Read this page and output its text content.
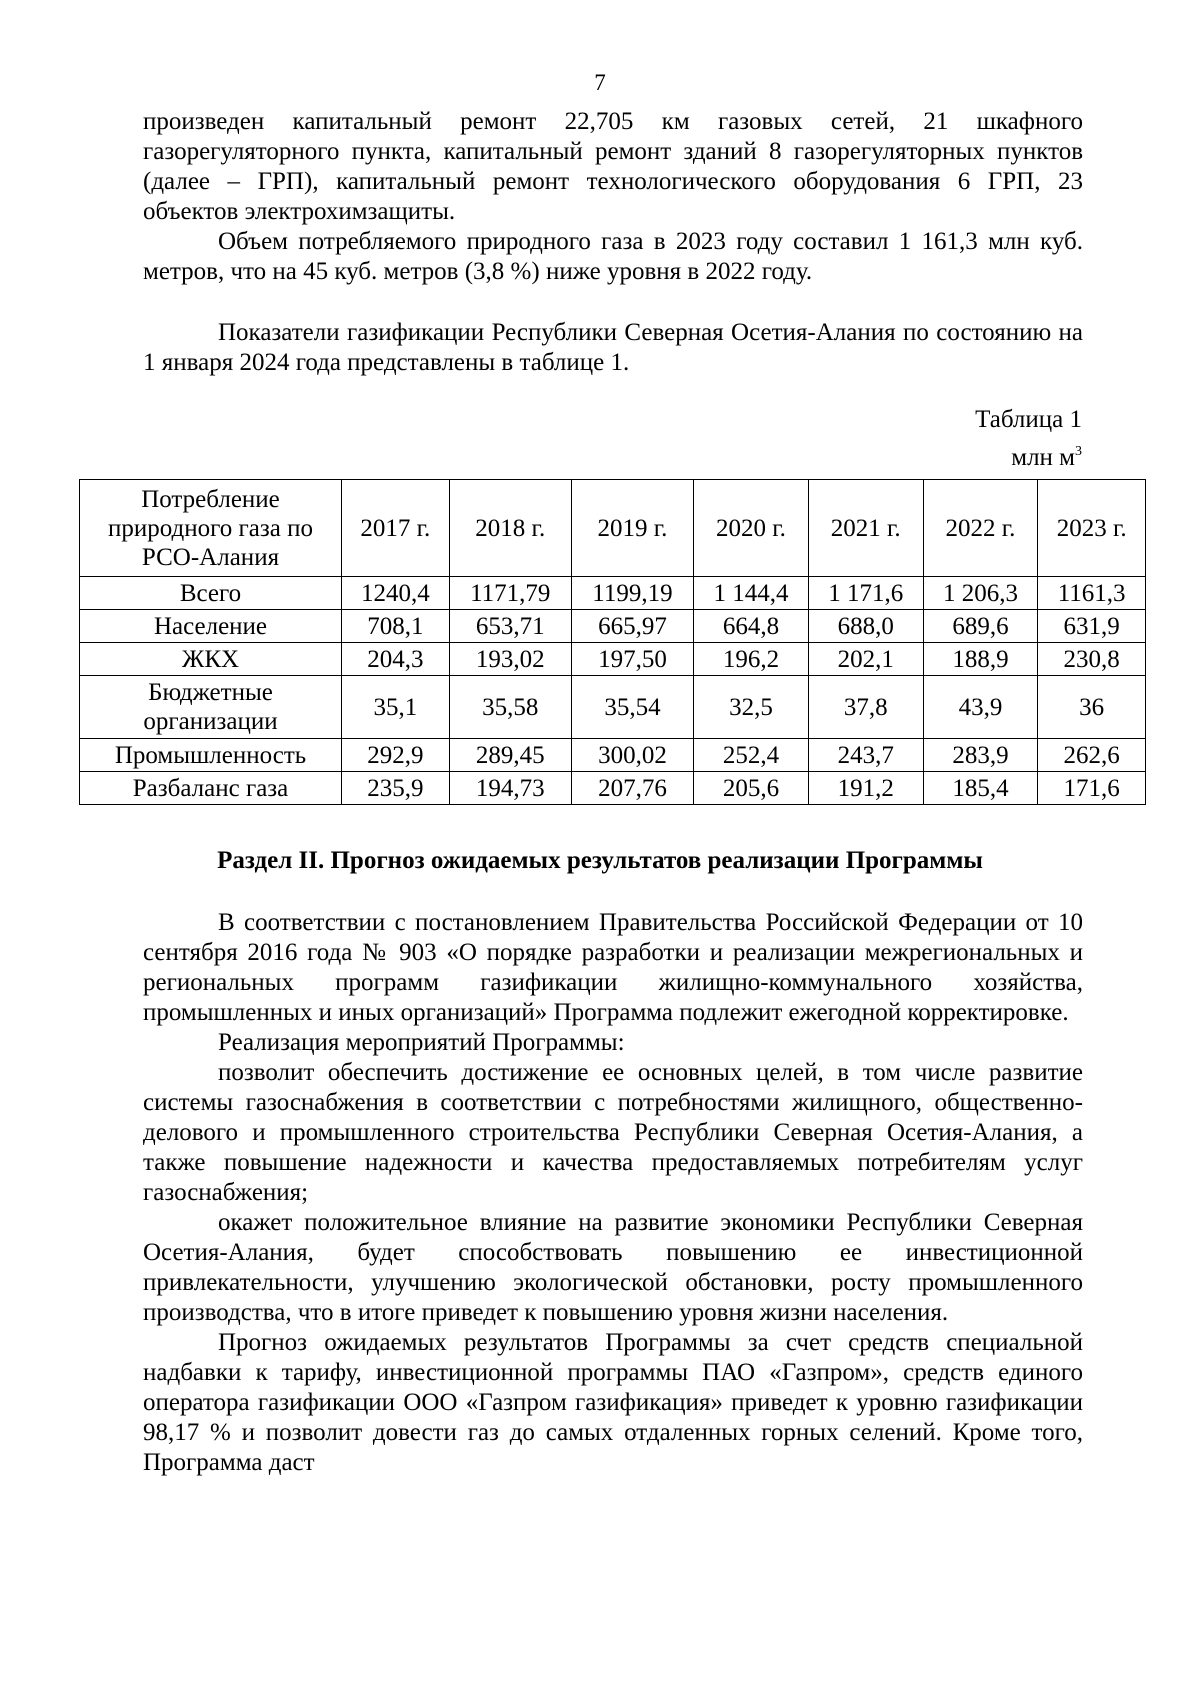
7

произведен капитальный ремонт 22,705 км газовых сетей, 21 шкафного газорегуляторного пункта, капитальный ремонт зданий 8 газорегуляторных пунктов (далее – ГРП), капитальный ремонт технологического оборудования 6 ГРП, 23 объектов электрохимзащиты.

Объем потребляемого природного газа в 2023 году составил 1 161,3 млн куб. метров, что на 45 куб. метров (3,8 %) ниже уровня в 2022 году.

Показатели газификации Республики Северная Осетия-Алания по состоянию на 1 января 2024 года представлены в таблице 1.

Таблица 1
млн $м^3$
Потребление природного газа по РСО-Алания	2017 г.	2018 г.	2019 г.	2020 г.	2021 г.	2022 г.	2023 г.
Всего	1240,4	1171,79	1199,19	1 144,4	1 171,6	1 206,3	1161,3
Население	708,1	653,71	665,97	664,8	688,0	689,6	631,9
ЖКХ	204,3	193,02	197,50	196,2	202,1	188,9	230,8
Бюджетные организации	35,1	35,58	35,54	32,5	37,8	43,9	36
Промышленность	292,9	289,45	300,02	252,4	243,7	283,9	262,6
Разбаланс газа	235,9	194,73	207,76	205,6	191,2	185,4	171,6
Раздел II. Прогноз ожидаемых результатов реализации Программы

В соответствии с постановлением Правительства Российской Федерации от 10 сентября 2016 года № 903 «О порядке разработки и реализации межрегиональных и региональных программ газификации жилищно-коммунального хозяйства, промышленных и иных организаций» Программа подлежит ежегодной корректировке.

Реализация мероприятий Программы:

позволит обеспечить достижение ее основных целей, в том числе развитие системы газоснабжения в соответствии с потребностями жилищного, общественно-делового и промышленного строительства Республики Северная Осетия-Алания, а также повышение надежности и качества предоставляемых потребителям услуг газоснабжения;

окажет положительное влияние на развитие экономики Республики Северная Осетия-Алания, будет способствовать повышению ее инвестиционной привлекательности, улучшению экологической обстановки, росту промышленного производства, что в итоге приведет к повышению уровня жизни населения.

Прогноз ожидаемых результатов Программы за счет средств специальной надбавки к тарифу, инвестиционной программы ПАО «Газпром», средств единого оператора газификации ООО «Газпром газификация» приведет к уровню газификации 98,17 % и позволит довести газ до самых отдаленных горных селений. Кроме того, Программа даст
